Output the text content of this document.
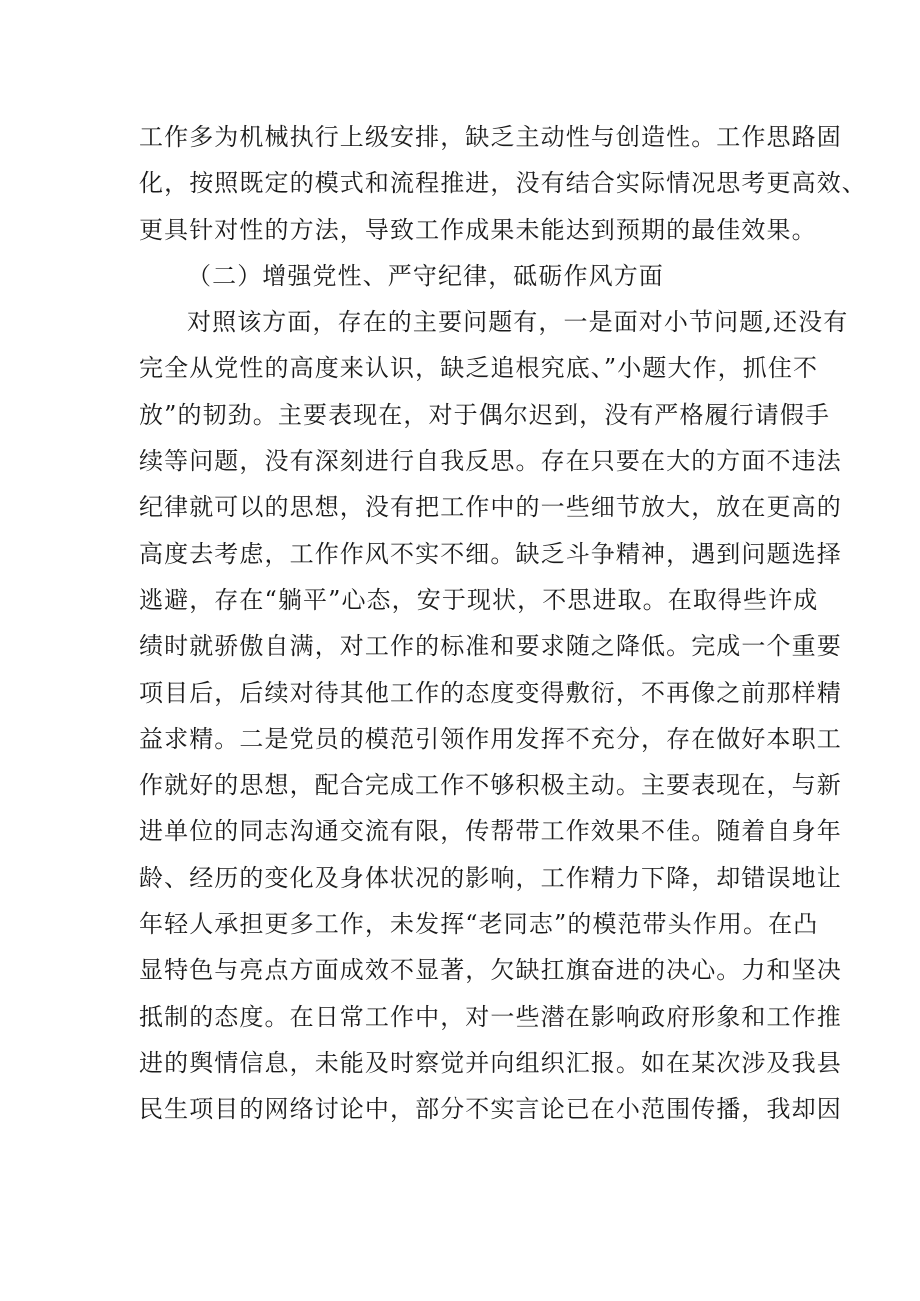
工作多为机械执行上级安排，缺乏主动性与创造性。工作思路固
化，按照既定的模式和流程推进，没有结合实际情况思考更高效、
更具针对性的方法，导致工作成果未能达到预期的最佳效果。
（二）增强党性、严守纪律，砥砺作风方面
对照该方面，存在的主要问题有，一是面对小节问题,还没有
完全从党性的高度来认识，缺乏追根究底、”小题大作，抓住不
放”的韧劲。主要表现在，对于偶尔迟到，没有严格履行请假手
续等问题，没有深刻进行自我反思。存在只要在大的方面不违法
纪律就可以的思想，没有把工作中的一些细节放大，放在更高的
高度去考虑，工作作风不实不细。缺乏斗争精神，遇到问题选择
逃避，存在“躺平”心态，安于现状，不思进取。在取得些许成
绩时就骄傲自满，对工作的标准和要求随之降低。完成一个重要
项目后，后续对待其他工作的态度变得敷衍，不再像之前那样精
益求精。二是党员的模范引领作用发挥不充分，存在做好本职工
作就好的思想，配合完成工作不够积极主动。主要表现在，与新
进单位的同志沟通交流有限，传帮带工作效果不佳。随着自身年
龄、经历的变化及身体状况的影响，工作精力下降，却错误地让
年轻人承担更多工作，未发挥“老同志”的模范带头作用。在凸
显特色与亮点方面成效不显著，欠缺扛旗奋进的决心。力和坚决
抵制的态度。在日常工作中，对一些潜在影响政府形象和工作推
进的舆情信息，未能及时察觉并向组织汇报。如在某次涉及我县
民生项目的网络讨论中，部分不实言论已在小范围传播，我却因
